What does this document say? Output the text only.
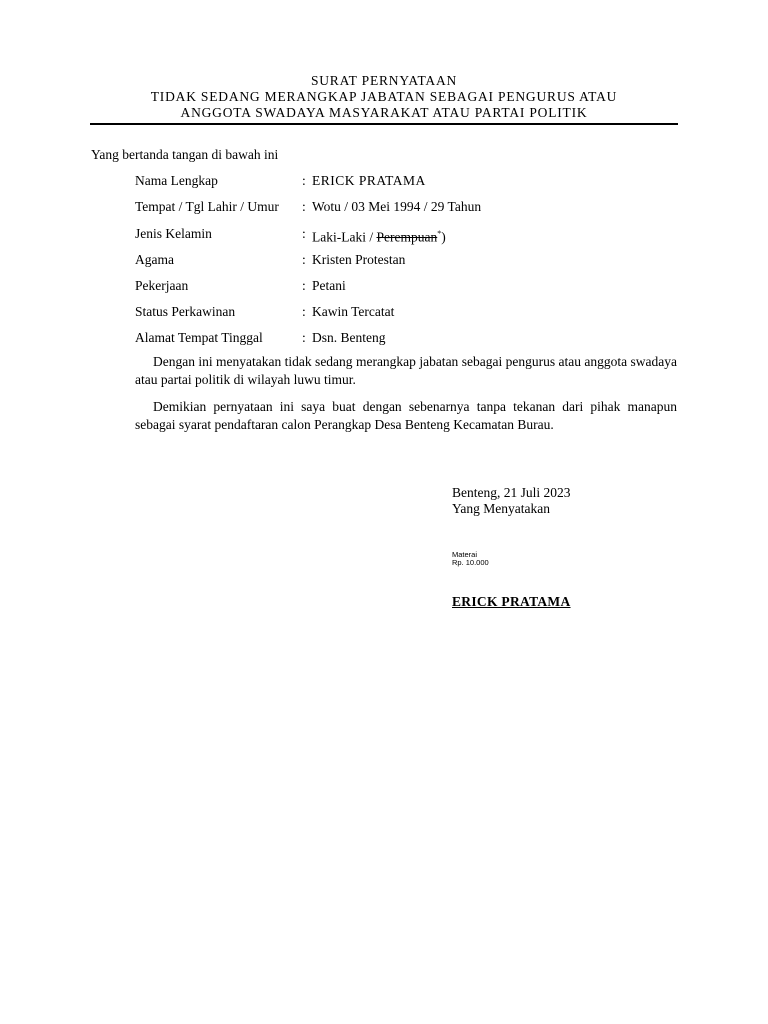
SURAT PERNYATAAN
TIDAK SEDANG MERANGKAP JABATAN SEBAGAI PENGURUS ATAU
ANGGOTA SWADAYA MASYARAKAT ATAU PARTAI POLITIK
Yang bertanda tangan di bawah ini
Nama Lengkap	: ERICK PRATAMA
Tempat / Tgl Lahir / Umur : Wotu / 03 Mei 1994 / 29 Tahun
Jenis Kelamin	: Laki-Laki / Perempuan*)
Agama	: Kristen Protestan
Pekerjaan	: Petani
Status Perkawinan	: Kawin Tercatat
Alamat Tempat Tinggal	: Dsn. Benteng
Dengan ini menyatakan tidak sedang merangkap jabatan sebagai pengurus atau anggota swadaya atau partai politik di wilayah luwu timur.
Demikian pernyataan ini saya buat dengan sebenarnya tanpa tekanan dari pihak manapun sebagai syarat pendaftaran calon Perangkap Desa Benteng Kecamatan Burau.
Benteng, 21 Juli 2023
Yang Menyatakan
Materai
Rp. 10.000
ERICK PRATAMA
